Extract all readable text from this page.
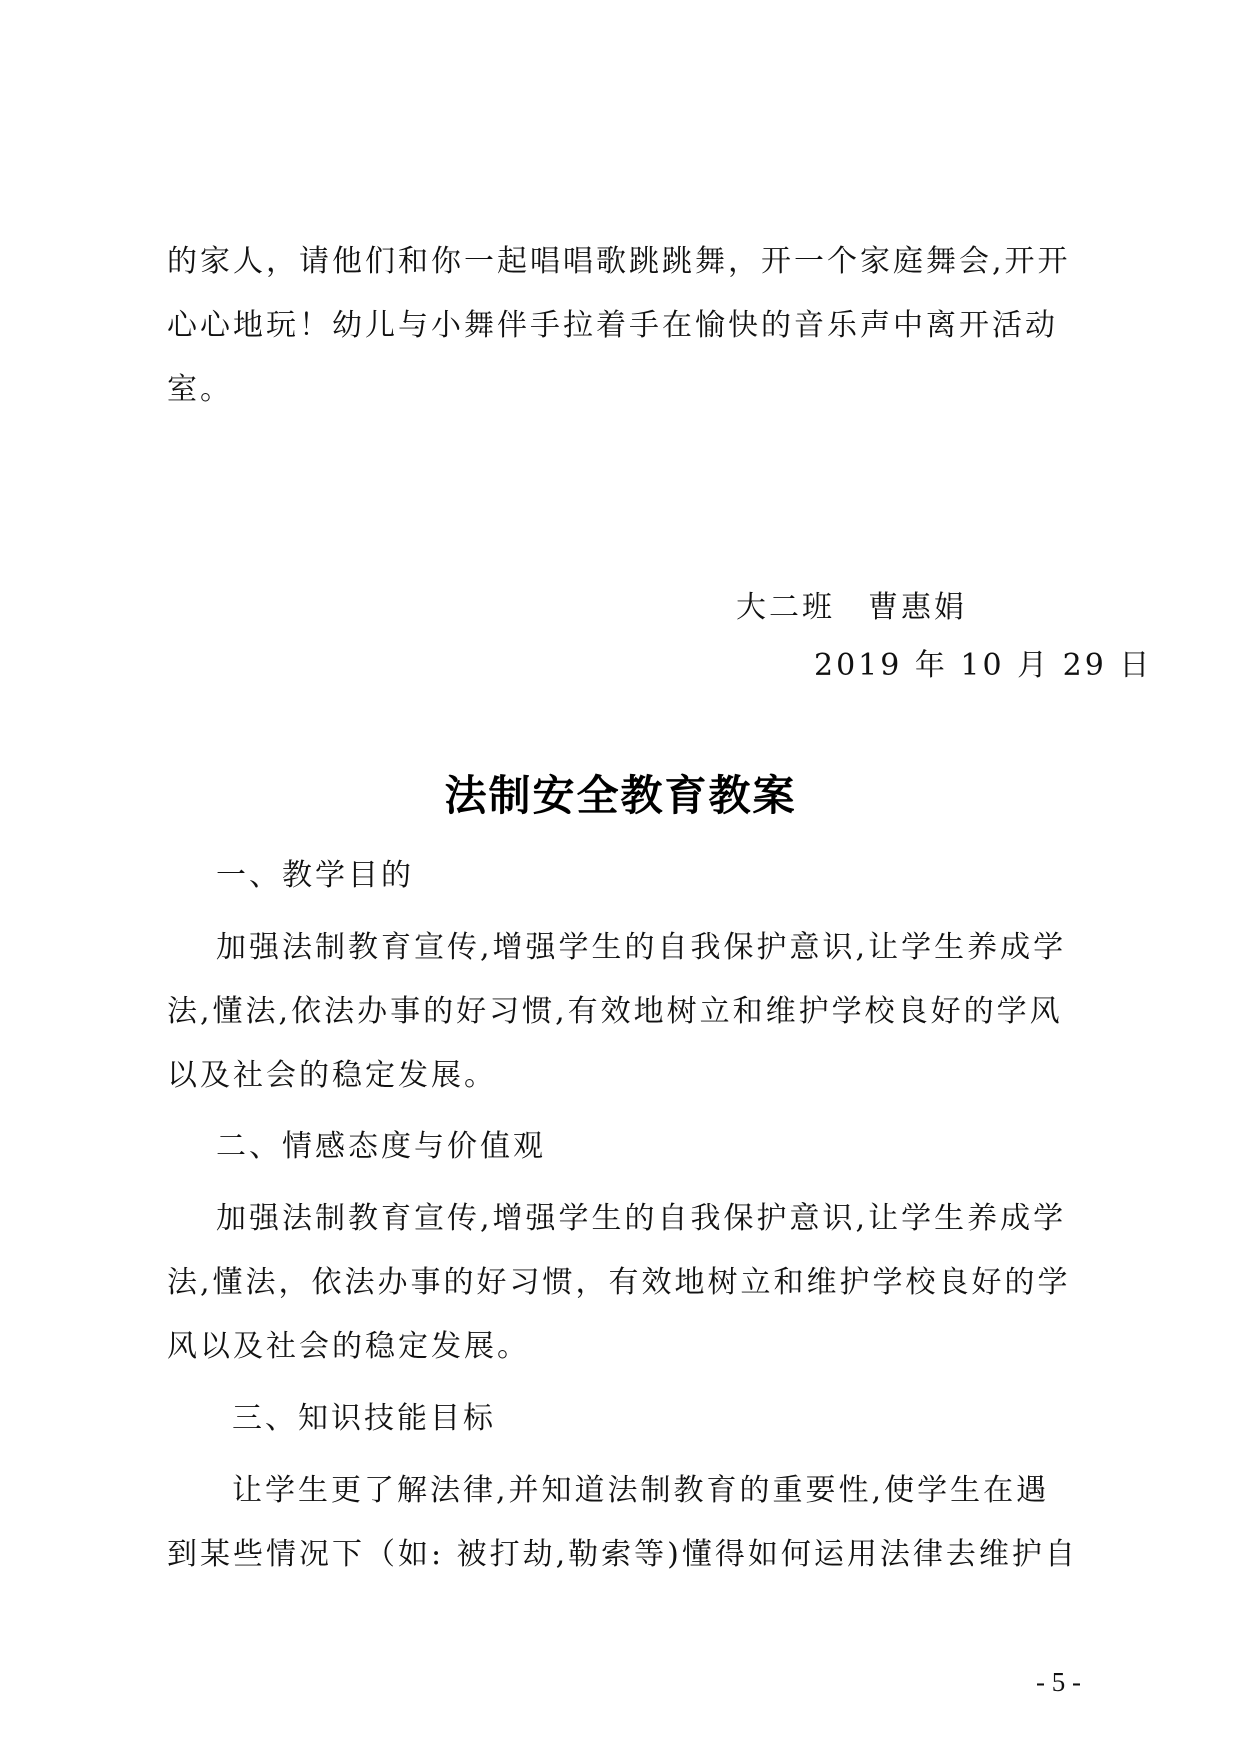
的家人，请他们和你一起唱唱歌跳跳舞，开一个家庭舞会,开开心心地玩！幼儿与小舞伴手拉着手在愉快的音乐声中离开活动室。

大二班　曹惠娟

2019 年 10 月 29 日

法制安全教育教案

一、教学目的

加强法制教育宣传,增强学生的自我保护意识,让学生养成学法,懂法,依法办事的好习惯,有效地树立和维护学校良好的学风以及社会的稳定发展。

二、情感态度与价值观

加强法制教育宣传,增强学生的自我保护意识,让学生养成学法,懂法，依法办事的好习惯，有效地树立和维护学校良好的学风以及社会的稳定发展。

三、知识技能目标

让学生更了解法律,并知道法制教育的重要性,使学生在遇到某些情况下（如: 被打劫,勒索等)懂得如何运用法律去维护自

- 5 -
